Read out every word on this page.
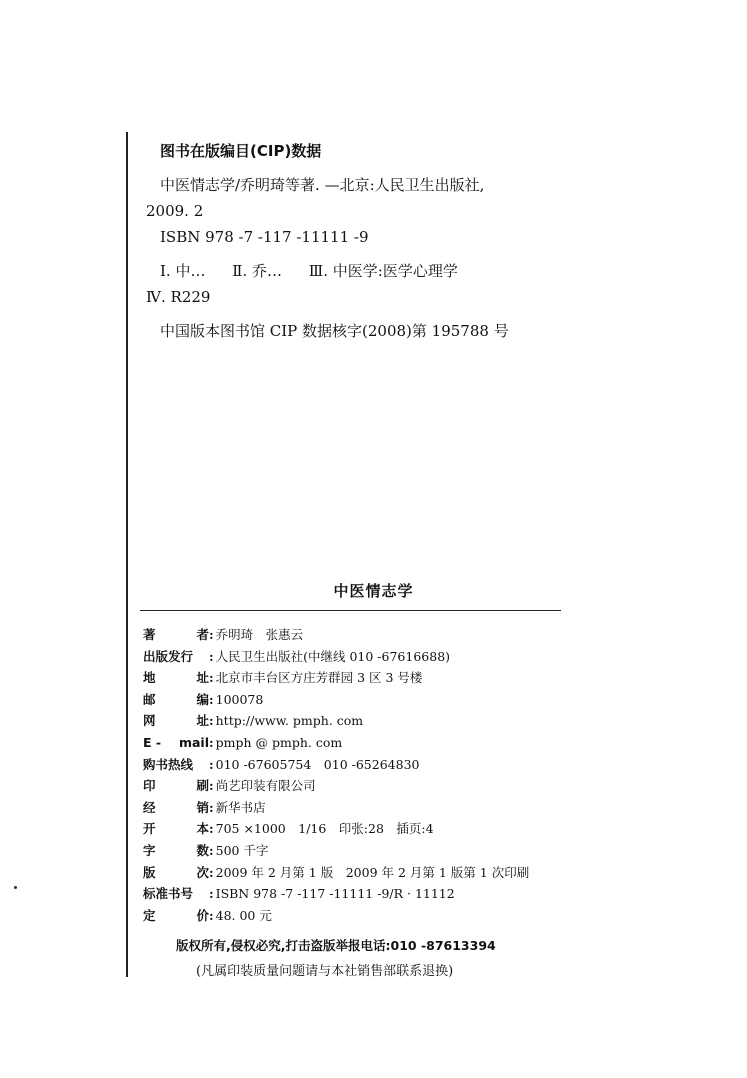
图书在版编目(CIP)数据
中医情志学/乔明琦等著. —北京:人民卫生出版社,
2009. 2
ISBN 978 -7 -117 -11111 -9
Ⅰ. 中… Ⅱ. 乔… Ⅲ. 中医学:医学心理学
Ⅳ. R229
中国版本图书馆 CIP 数据核字(2008)第 195788 号
中医情志学
著	者 : 乔明琦　张惠云
出版发行 : 人民卫生出版社(中继线 010 -67616688)
地	址 : 北京市丰台区方庄芳群园 3 区 3 号楼
邮	编 : 100078
网	址 : http://www. pmph. com
E - mail : pmph @ pmph. com
购书热线 : 010 -67605754　010 -65264830
印	刷 : 尚艺印装有限公司
经	销 : 新华书店
开	本 : 705 ×1000　1/16　印张:28　插页:4
字	数 : 500 千字
版	次 : 2009 年 2 月第 1 版　2009 年 2 月第 1 版第 1 次印刷
标准书号 : ISBN 978 -7 -117 -11111 -9/R · 11112
定	价 : 48. 00 元
版权所有,侵权必究,打击盗版举报电话:010 -87613394
(凡属印装质量问题请与本社销售部联系退换)
